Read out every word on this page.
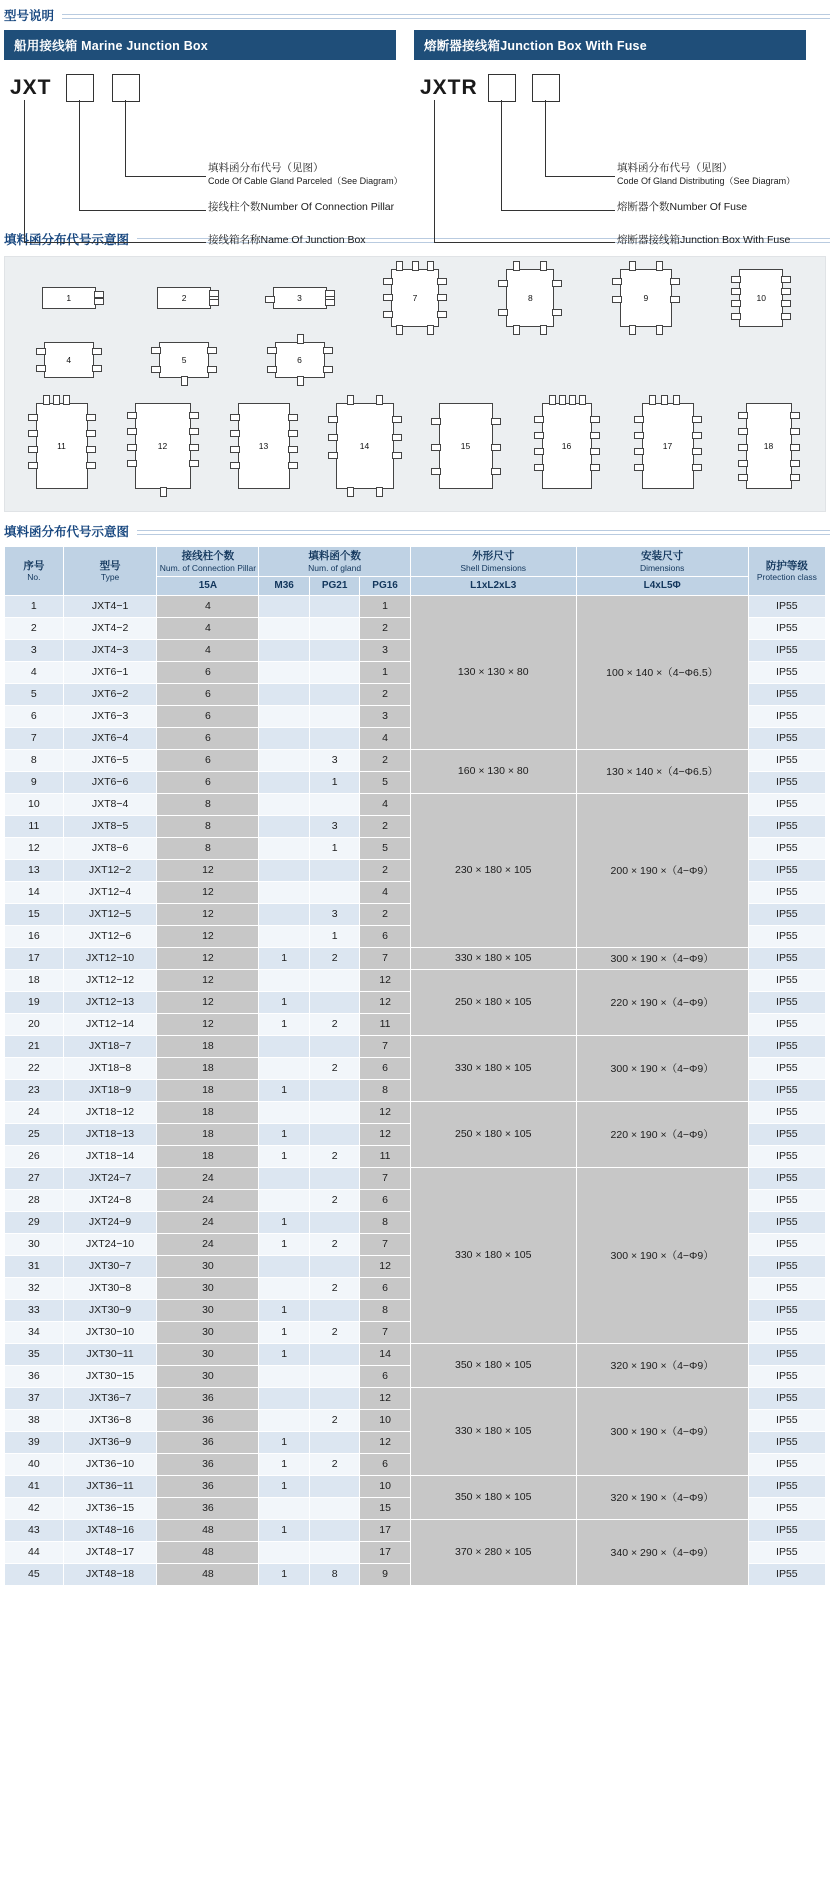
型号说明
船用接线箱 Marine Junction Box
JXT
填料函分布代号（见图）
Code Of Cable Gland Parceled（See Diagram）
接线柱个数Number Of Connection Pillar
接线箱名称Name Of Junction Box
熔断器接线箱Junction Box With Fuse
JXTR
填料函分布代号（见图）
Code Of Gland Distributing（See Diagram）
熔断器个数Number Of Fuse
熔断器接线箱Junction Box With Fuse
填料函分布代号示意图
1	2	3	7	8	9	10
4	5	6
11	12	13	14	15	16	17	18
填料函分布代号示意图
序号
No.	型号
Type	接线柱个数
Num. of Connection Pillar	填料函个数
Num. of gland			外形尺寸
Shell Dimensions	安装尺寸
Dimensions	防护等级
Protection class

		15A	M36	PG21	PG16	L1xL2xL3	L4xL5Φ	
1	JXT4−1	4			1	130 × 130 × 80	100 × 140 ×（4−Φ6.5）	IP55
2	JXT4−2	4			2			IP55
3	JXT4−3	4			3			IP55
4	JXT6−1	6			1			IP55
5	JXT6−2	6			2			IP55
6	JXT6−3	6			3			IP55
7	JXT6−4	6			4			IP55
8	JXT6−5	6		3	2	160 × 130 × 80	130 × 140 ×（4−Φ6.5）	IP55
9	JXT6−6	6		1	5			IP55
10	JXT8−4	8			4	230 × 180 × 105	200 × 190 ×（4−Φ9）	IP55
11	JXT8−5	8		3	2			IP55
12	JXT8−6	8		1	5			IP55
13	JXT12−2	12			2			IP55
14	JXT12−4	12			4			IP55
15	JXT12−5	12		3	2			IP55
16	JXT12−6	12		1	6			IP55
17	JXT12−10	12	1	2	7	330 × 180 × 105	300 × 190 ×（4−Φ9）	IP55
18	JXT12−12	12			12	250 × 180 × 105	220 × 190 ×（4−Φ9）	IP55
19	JXT12−13	12	1		12			IP55
20	JXT12−14	12	1	2	11			IP55
21	JXT18−7	18			7	330 × 180 × 105	300 × 190 ×（4−Φ9）	IP55
22	JXT18−8	18		2	6			IP55
23	JXT18−9	18	1		8			IP55
24	JXT18−12	18			12	250 × 180 × 105	220 × 190 ×（4−Φ9）	IP55
25	JXT18−13	18	1		12			IP55
26	JXT18−14	18	1	2	11			IP55
27	JXT24−7	24			7	330 × 180 × 105	300 × 190 ×（4−Φ9）	IP55
28	JXT24−8	24		2	6			IP55
29	JXT24−9	24	1		8			IP55
30	JXT24−10	24	1	2	7			IP55
31	JXT30−7	30			12			IP55
32	JXT30−8	30		2	6			IP55
33	JXT30−9	30	1		8			IP55
34	JXT30−10	30	1	2	7			IP55
35	JXT30−11	30	1		14	350 × 180 × 105	320 × 190 ×（4−Φ9）	IP55
36	JXT30−15	30			6			IP55
37	JXT36−7	36			12	330 × 180 × 105	300 × 190 ×（4−Φ9）	IP55
38	JXT36−8	36		2	10			IP55
39	JXT36−9	36	1		12			IP55
40	JXT36−10	36	1	2	6			IP55
41	JXT36−11	36	1		10	350 × 180 × 105	320 × 190 ×（4−Φ9）	IP55
42	JXT36−15	36			15			IP55
43	JXT48−16	48	1		17	370 × 280 × 105	340 × 290 ×（4−Φ9）	IP55
44	JXT48−17	48			17			IP55
45	JXT48−18	48	1	8	9			IP55
